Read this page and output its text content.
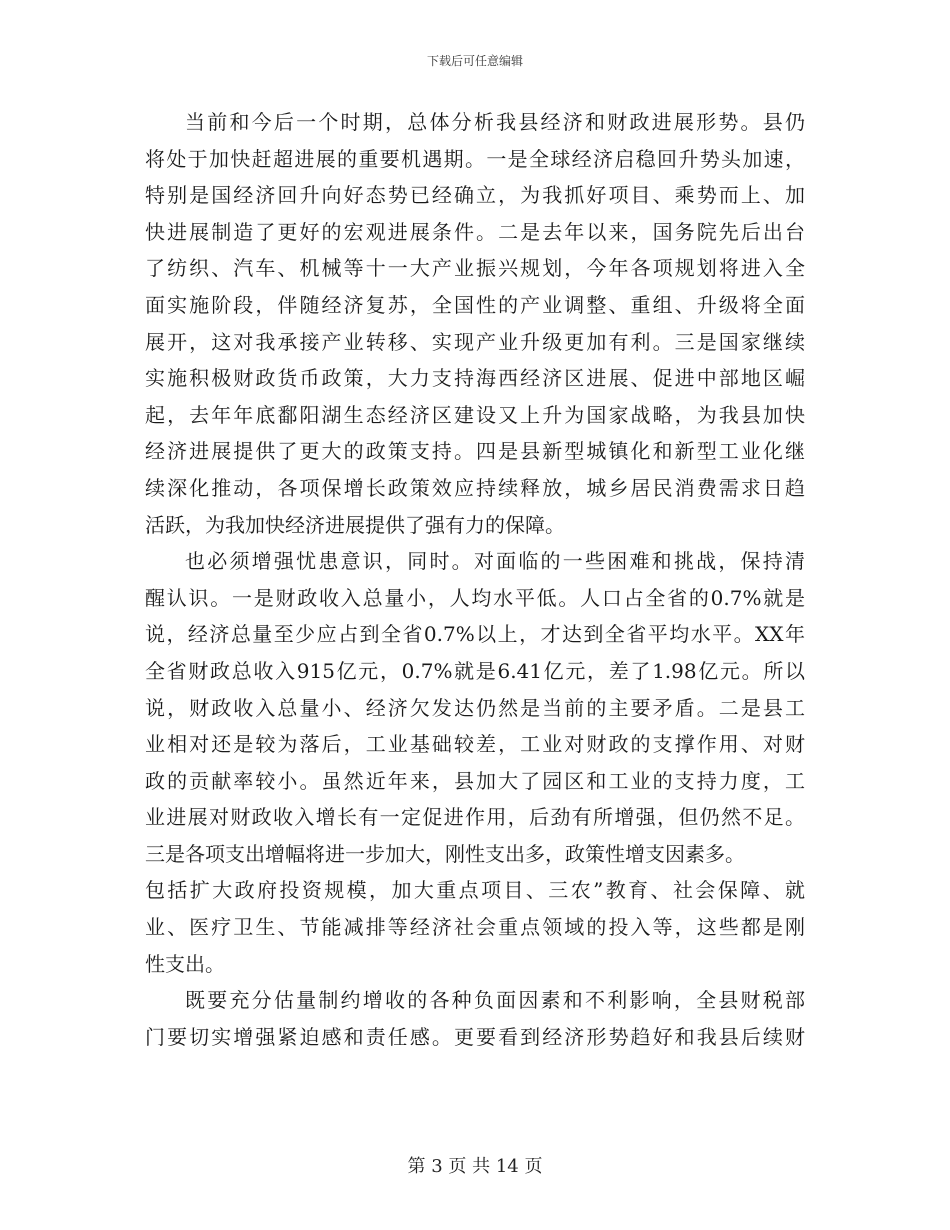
下载后可任意编辑
当前和今后一个时期，总体分析我县经济和财政进展形势。县仍
将处于加快赶超进展的重要机遇期。一是全球经济启稳回升势头加速，
特别是国经济回升向好态势已经确立，为我抓好项目、乘势而上、加
快进展制造了更好的宏观进展条件。二是去年以来，国务院先后出台
了纺织、汽车、机械等十一大产业振兴规划，今年各项规划将进入全
面实施阶段，伴随经济复苏，全国性的产业调整、重组、升级将全面
展开，这对我承接产业转移、实现产业升级更加有利。三是国家继续
实施积极财政货币政策，大力支持海西经济区进展、促进中部地区崛
起，去年年底鄱阳湖生态经济区建设又上升为国家战略，为我县加快
经济进展提供了更大的政策支持。四是县新型城镇化和新型工业化继
续深化推动，各项保增长政策效应持续释放，城乡居民消费需求日趋
活跃，为我加快经济进展提供了强有力的保障。
也必须增强忧患意识，同时。对面临的一些困难和挑战，保持清
醒认识。一是财政收入总量小，人均水平低。人口占全省的0.7%就是
说，经济总量至少应占到全省0.7%以上，才达到全省平均水平。XX年
全省财政总收入915亿元，0.7%就是6.41亿元，差了1.98亿元。所以
说，财政收入总量小、经济欠发达仍然是当前的主要矛盾。二是县工
业相对还是较为落后，工业基础较差，工业对财政的支撑作用、对财
政的贡献率较小。虽然近年来，县加大了园区和工业的支持力度，工
业进展对财政收入增长有一定促进作用，后劲有所增强，但仍然不足。
三是各项支出增幅将进一步加大，刚性支出多，政策性增支因素多。
包括扩大政府投资规模，加大重点项目、三农”教育、社会保障、就
业、医疗卫生、节能减排等经济社会重点领域的投入等，这些都是刚
性支出。
既要充分估量制约增收的各种负面因素和不利影响，全县财税部
门要切实增强紧迫感和责任感。更要看到经济形势趋好和我县后续财
第 3 页 共 14 页
